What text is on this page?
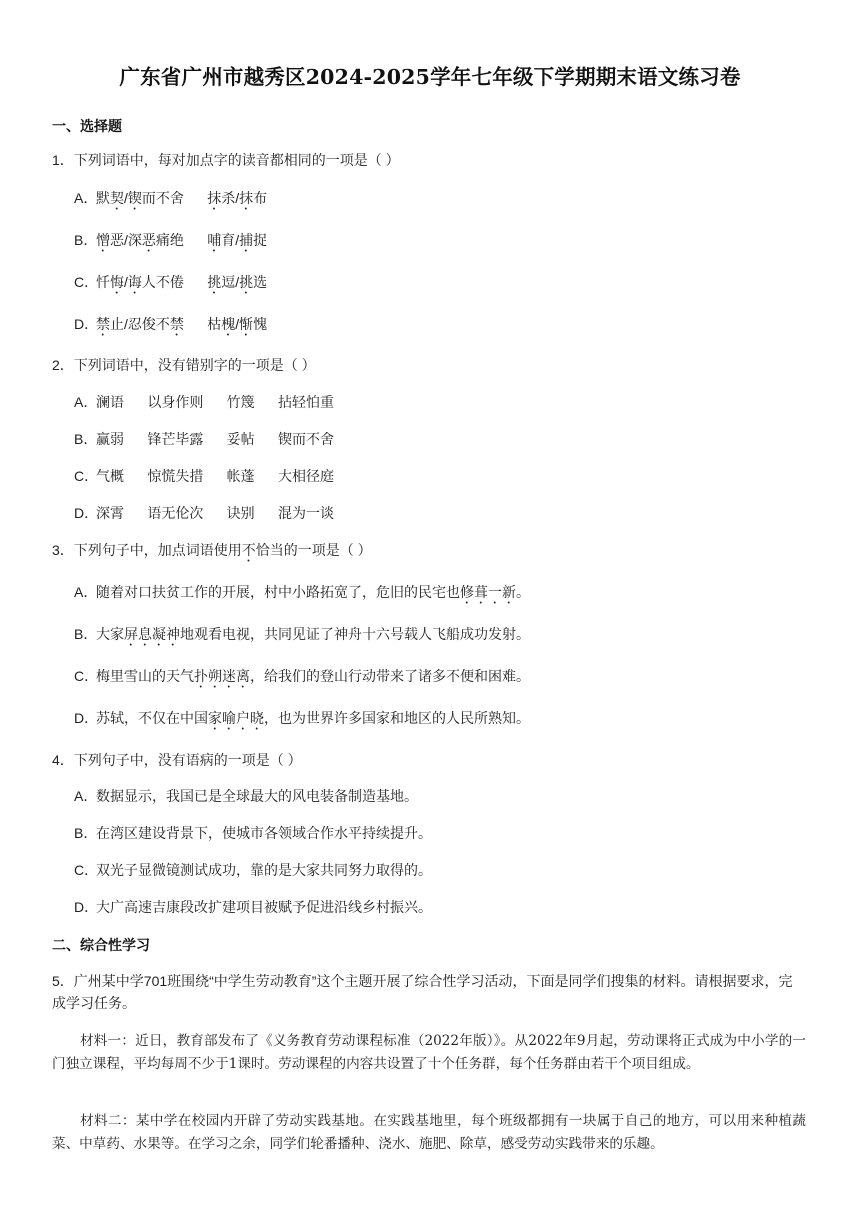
广东省广州市越秀区2024-2025学年七年级下学期期末语文练习卷
一、选择题
1．下列词语中，每对加点字的读音都相同的一项是（ ）
A．默契/锲而不舍      抹杀/抹布
B．憎恶/深恶痛绝      哺育/捕捉
C．忏悔/诲人不倦      挑逗/挑选
D．禁止/忍俊不禁      枯槐/惭愧
2．下列词语中，没有错别字的一项是（ ）
A．澜语      以身作则      竹篾      拈轻怕重
B．赢弱      锋芒毕露      妥帖      锲而不舍
C．气概      惊慌失措      帐蓬      大相径庭
D．深霄      语无伦次      诀别      混为一谈
3．下列句子中，加点词语使用不恰当的一项是（ ）
A．随着对口扶贫工作的开展，村中小路拓宽了，危旧的民宅也修葺一新。
B．大家屏息凝神地观看电视，共同见证了神舟十六号载人飞船成功发射。
C．梅里雪山的天气扑朔迷离，给我们的登山行动带来了诸多不便和困难。
D．苏轼，不仅在中国家喻户晓，也为世界许多国家和地区的人民所熟知。
4．下列句子中，没有语病的一项是（ ）
A．数据显示，我国已是全球最大的风电装备制造基地。
B．在湾区建设背景下，使城市各领域合作水平持续提升。
C．双光子显微镜测试成功，靠的是大家共同努力取得的。
D．大广高速吉康段改扩建项目被赋予促进沿线乡村振兴。
二、综合性学习
5．广州某中学701班围绕“中学生劳动教育”这个主题开展了综合性学习活动，下面是同学们搜集的材料。请根据要求，完成学习任务。
材料一：近日，教育部发布了《义务教育劳动课程标准（2022年版）》。从2022年9月起，劳动课将正式成为中小学的一门独立课程，平均每周不少于1课时。劳动课程的内容共设置了十个任务群，每个任务群由若干个项目组成。
材料二：某中学在校园内开辟了劳动实践基地。在实践基地里，每个班级都拥有一块属于自己的地方，可以用来种植蔬菜、中草药、水果等。在学习之余，同学们轮番播种、浇水、施肥、除草，感受劳动实践带来的乐趣。
